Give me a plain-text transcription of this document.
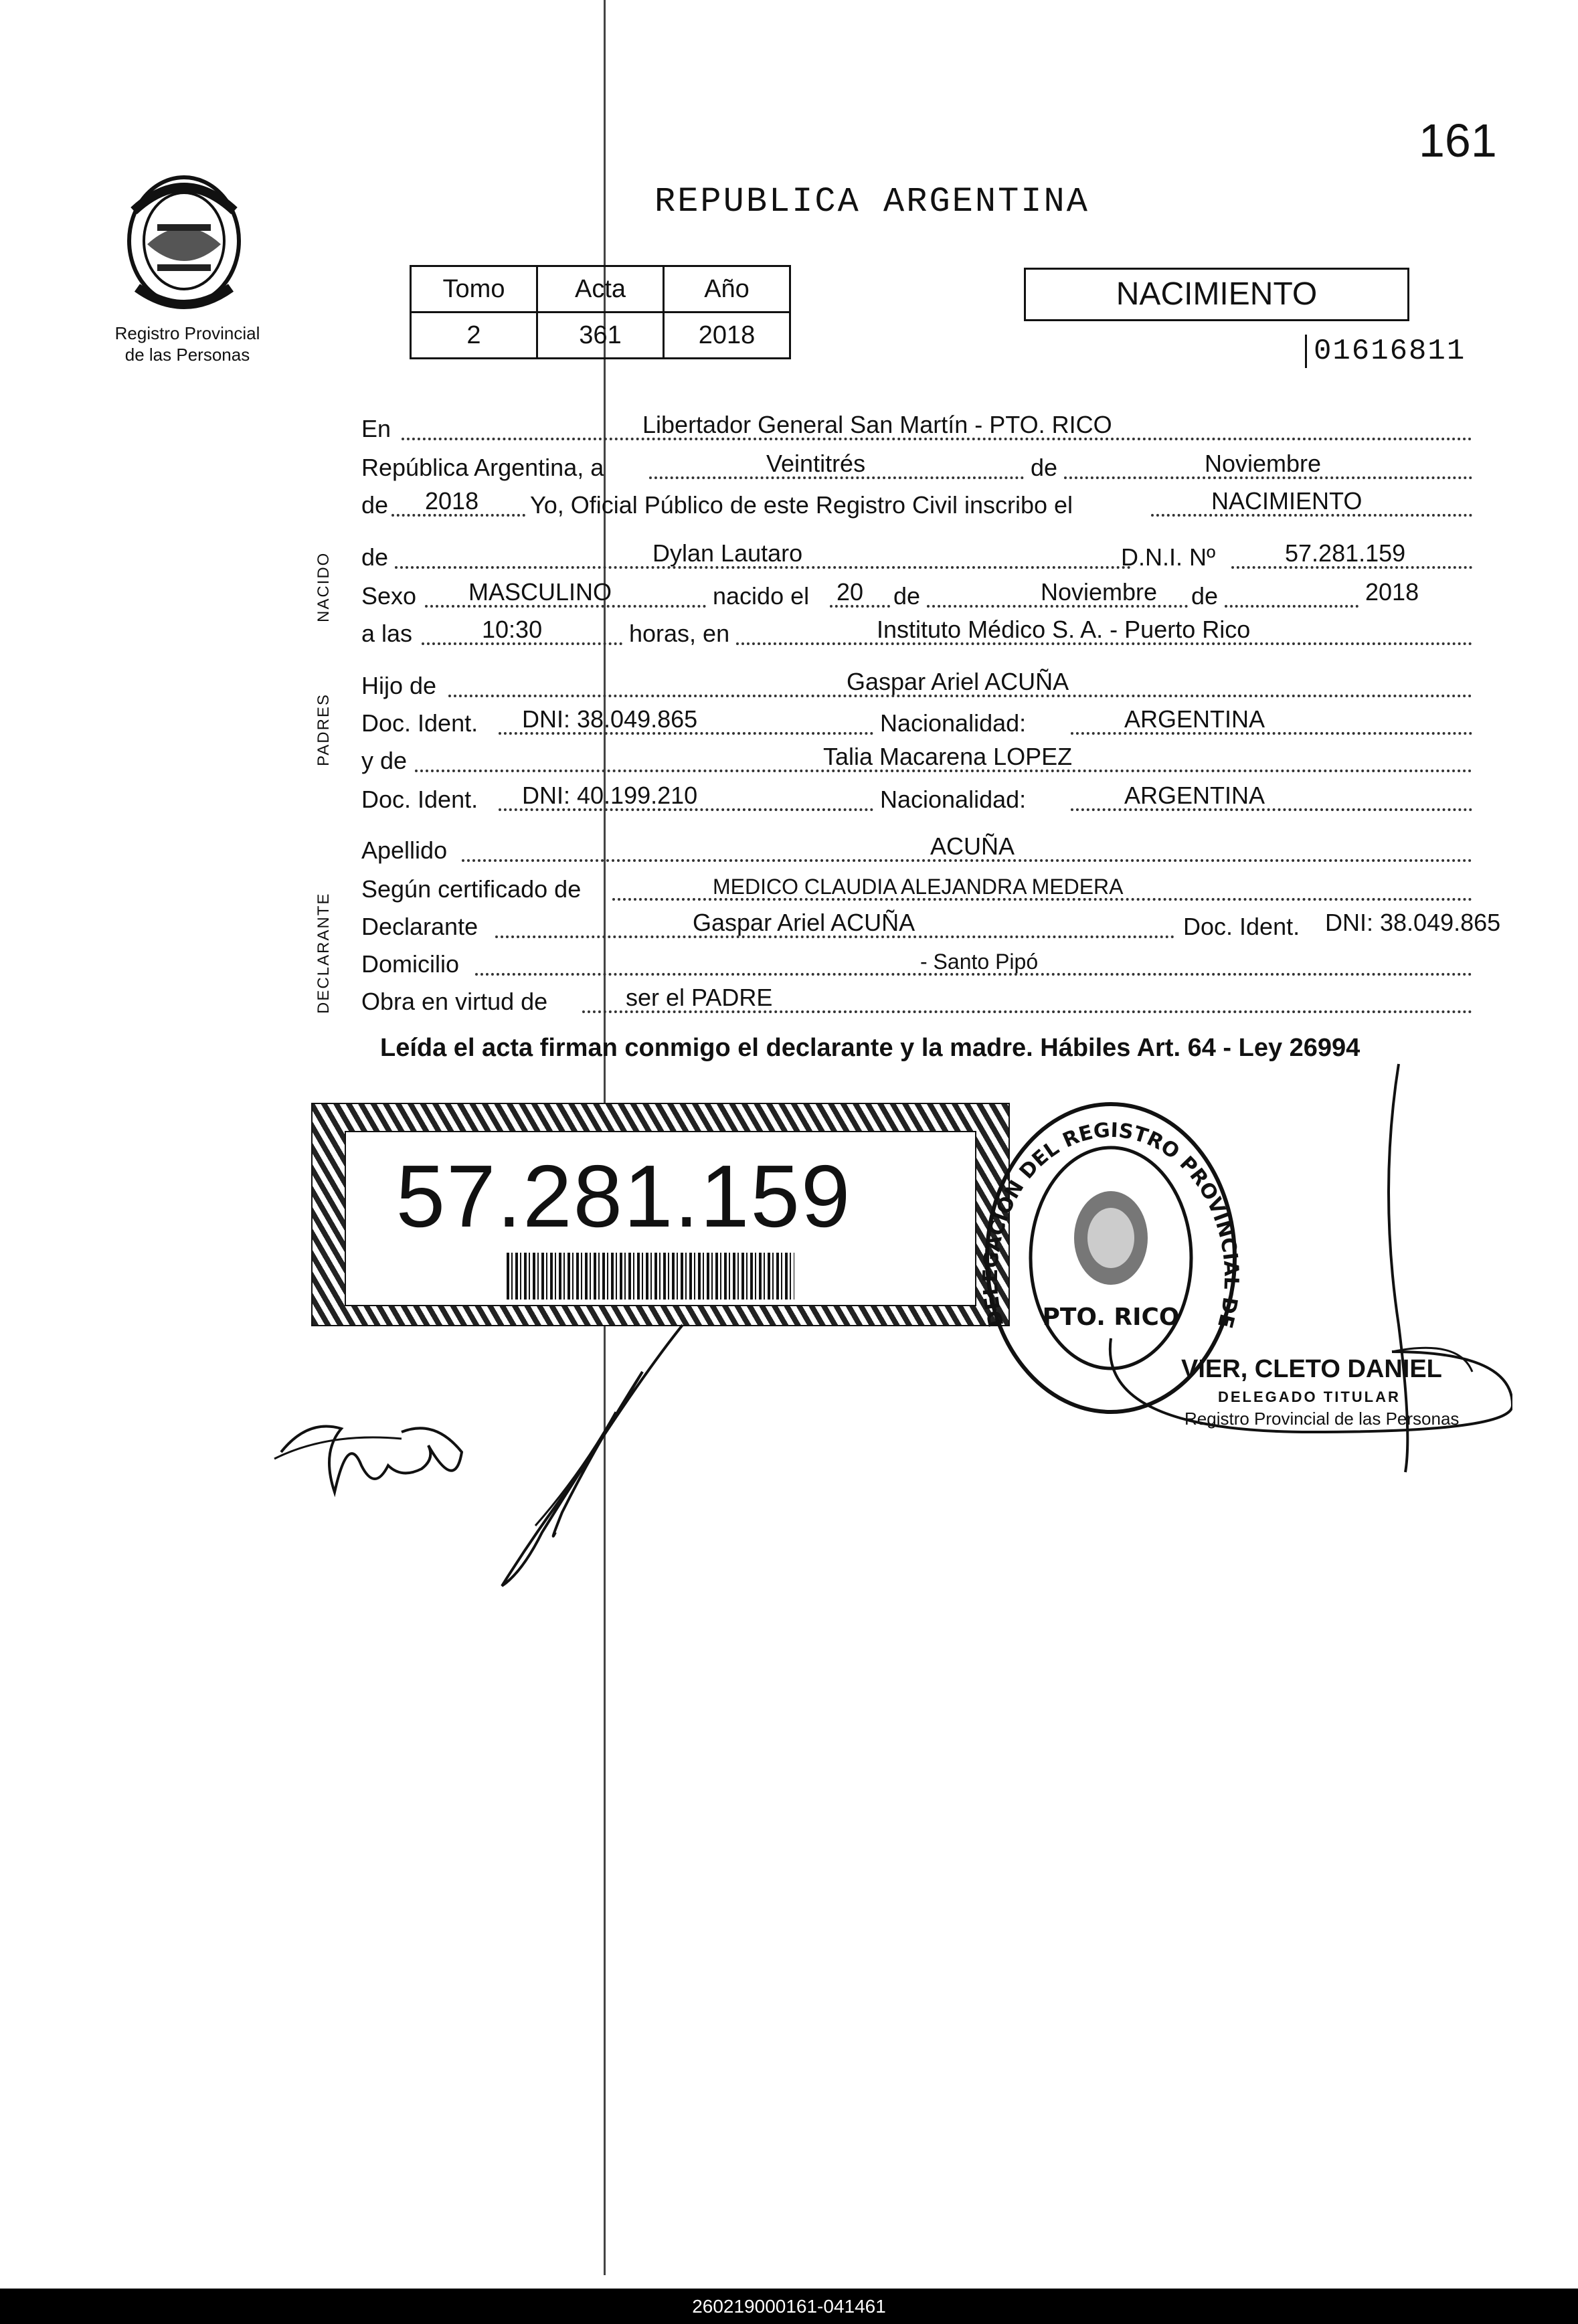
161
Registro Provincial
de las Personas
REPUBLICA ARGENTINA
Tomo	Acta	Año
2	361	2018
NACIMIENTO
01616811
NACIDO
PADRES
DECLARANTE
En	Libertador General San Martín - PTO. RICO
República Argentina, a	Veintitrés	de	Noviembre
de 2018 Yo, Oficial Público de este Registro Civil inscribo el	NACIMIENTO
de	Dylan Lautaro	D.N.I. Nº	57.281.159
Sexo MASCULINO	nacido el 20 de	Noviembre de	2018
a las	10:30	horas, en	Instituto Médico S. A. - Puerto Rico
Hijo de	Gaspar Ariel ACUÑA
Doc. Ident. DNI: 38.049.865	Nacionalidad:	ARGENTINA
y de	Talia Macarena LOPEZ
Doc. Ident. DNI: 40.199.210	Nacionalidad:	ARGENTINA
Apellido	ACUÑA
Según certificado de	MEDICO CLAUDIA ALEJANDRA MEDERA
Declarante	Gaspar Ariel ACUÑA	Doc. Ident. DNI: 38.049.865
Domicilio	- Santo Pipó
Obra en virtud de	ser el PADRE
Leída el acta firman conmigo el declarante y la madre. Hábiles Art. 64 - Ley 26994
57.281.159
DELEGACION DEL REGISTRO PROVINCIAL DE
PTO. RICO
VIER, CLETO DANIEL
DELEGADO TITULAR
Registro Provincial de las Personas
260219000161-041461
